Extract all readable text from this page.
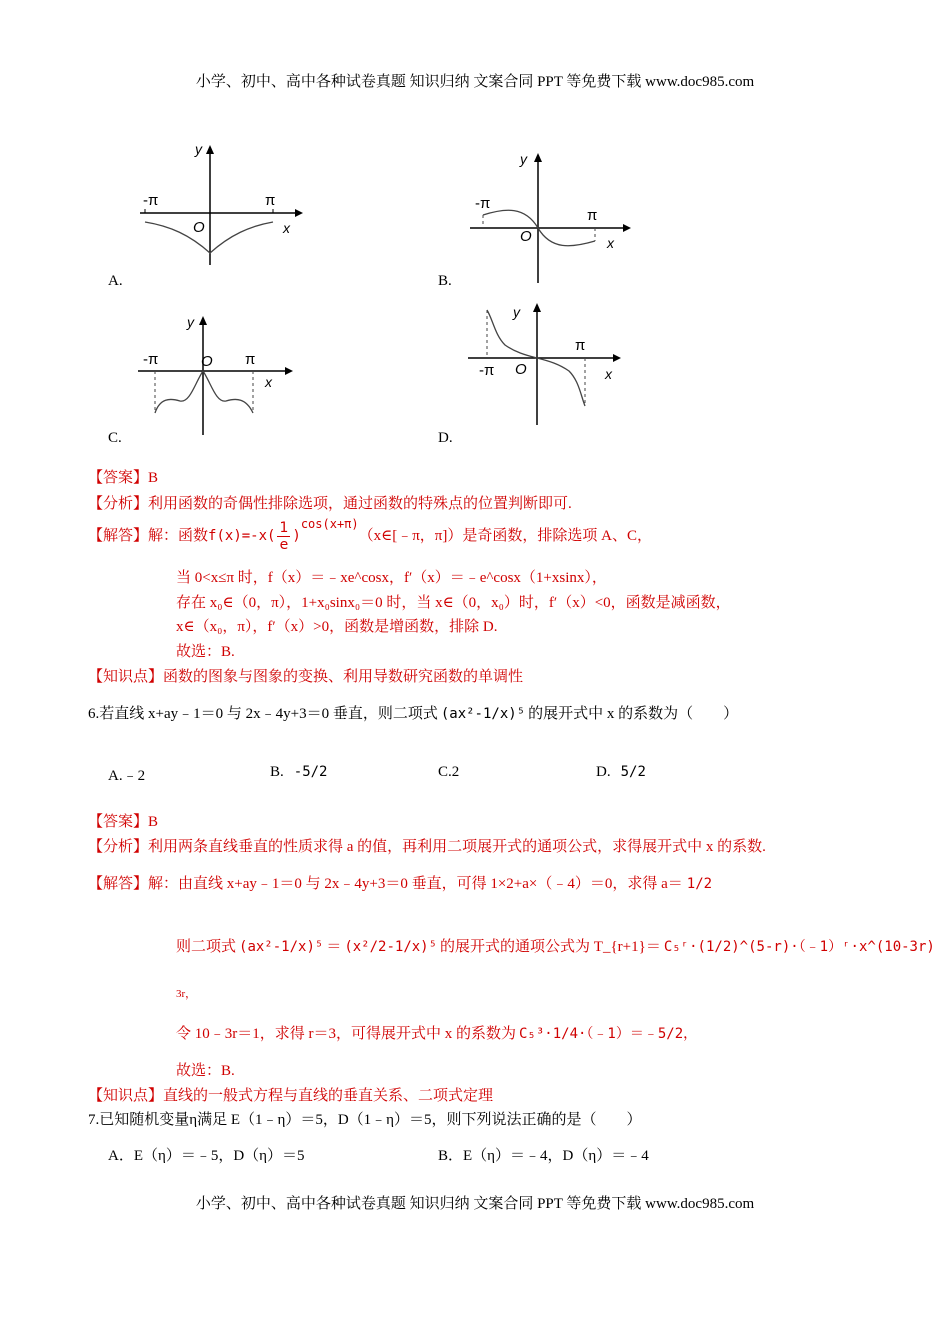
小学、初中、高中各种试卷真题 知识归纳 文案合同 PPT 等免费下载 www.doc985.com
y
-π	π
O	x
A.
y
-π
π
O	x
B.
y
-π	π
O
x
C.
y
-π
π
O	x
D.
【答案】B
【分析】利用函数的奇偶性排除选项，通过函数的特殊点的位置判断即可.
【解答】解：函数$f(x)=-x( \frac{1}{e}$ )$^{cos(x+\pi)}(x\in[﹣\pi$，π]）是奇函数，排除选项 A、C，
当 0<x≤π 时，f（x）＝﹣xe^cosx，f′（x）＝﹣e^cosx（1+xsinx），
存在 x₀∈（0，π），1+x₀sinx₀＝0 时，当 x∈（0，x₀）时，f′（x）<0，函数是减函数，
x∈（x₀，π），f′（x）>0，函数是增函数，排除 D.
故选：B.
【知识点】函数的图象与图象的变换、利用导数研究函数的单调性
6.若直线 x+ay﹣1＝0 与 2x﹣4y+3＝0 垂直，则二项式 (ax²-1/x)⁵ 的展开式中 x 的系数为（　　）
A.﹣2	B. -5/2	C.2	D. 5/2
【答案】B
【分析】利用两条直线垂直的性质求得 a 的值，再利用二项展开式的通项公式，求得展开式中 x 的系数.
【解答】解：由直线 x+ay﹣1＝0 与 2x﹣4y+3＝0 垂直，可得 1×2+a×（﹣4）＝0，求得 a＝ 1/2
则二项式 (ax²-1/x)⁵ ＝ (x²/2-1/x)⁵ 的展开式的通项公式为 T_{r+1}＝ C₅ʳ·(1/2)^(5-r)·（﹣1）ʳ·x^(10-3r)
3r，
令 10﹣3r＝1，求得 r＝3，可得展开式中 x 的系数为 C₅³·1/4·（﹣1）＝﹣5/2，
故选：B.
【知识点】直线的一般式方程与直线的垂直关系、二项式定理
7.已知随机变量η满足 E（1﹣η）＝5，D（1﹣η）＝5，则下列说法正确的是（　　）
A．E（η）＝﹣5，D（η）＝5	B．E（η）＝﹣4，D（η）＝﹣4
小学、初中、高中各种试卷真题 知识归纳 文案合同 PPT 等免费下载 www.doc985.com
